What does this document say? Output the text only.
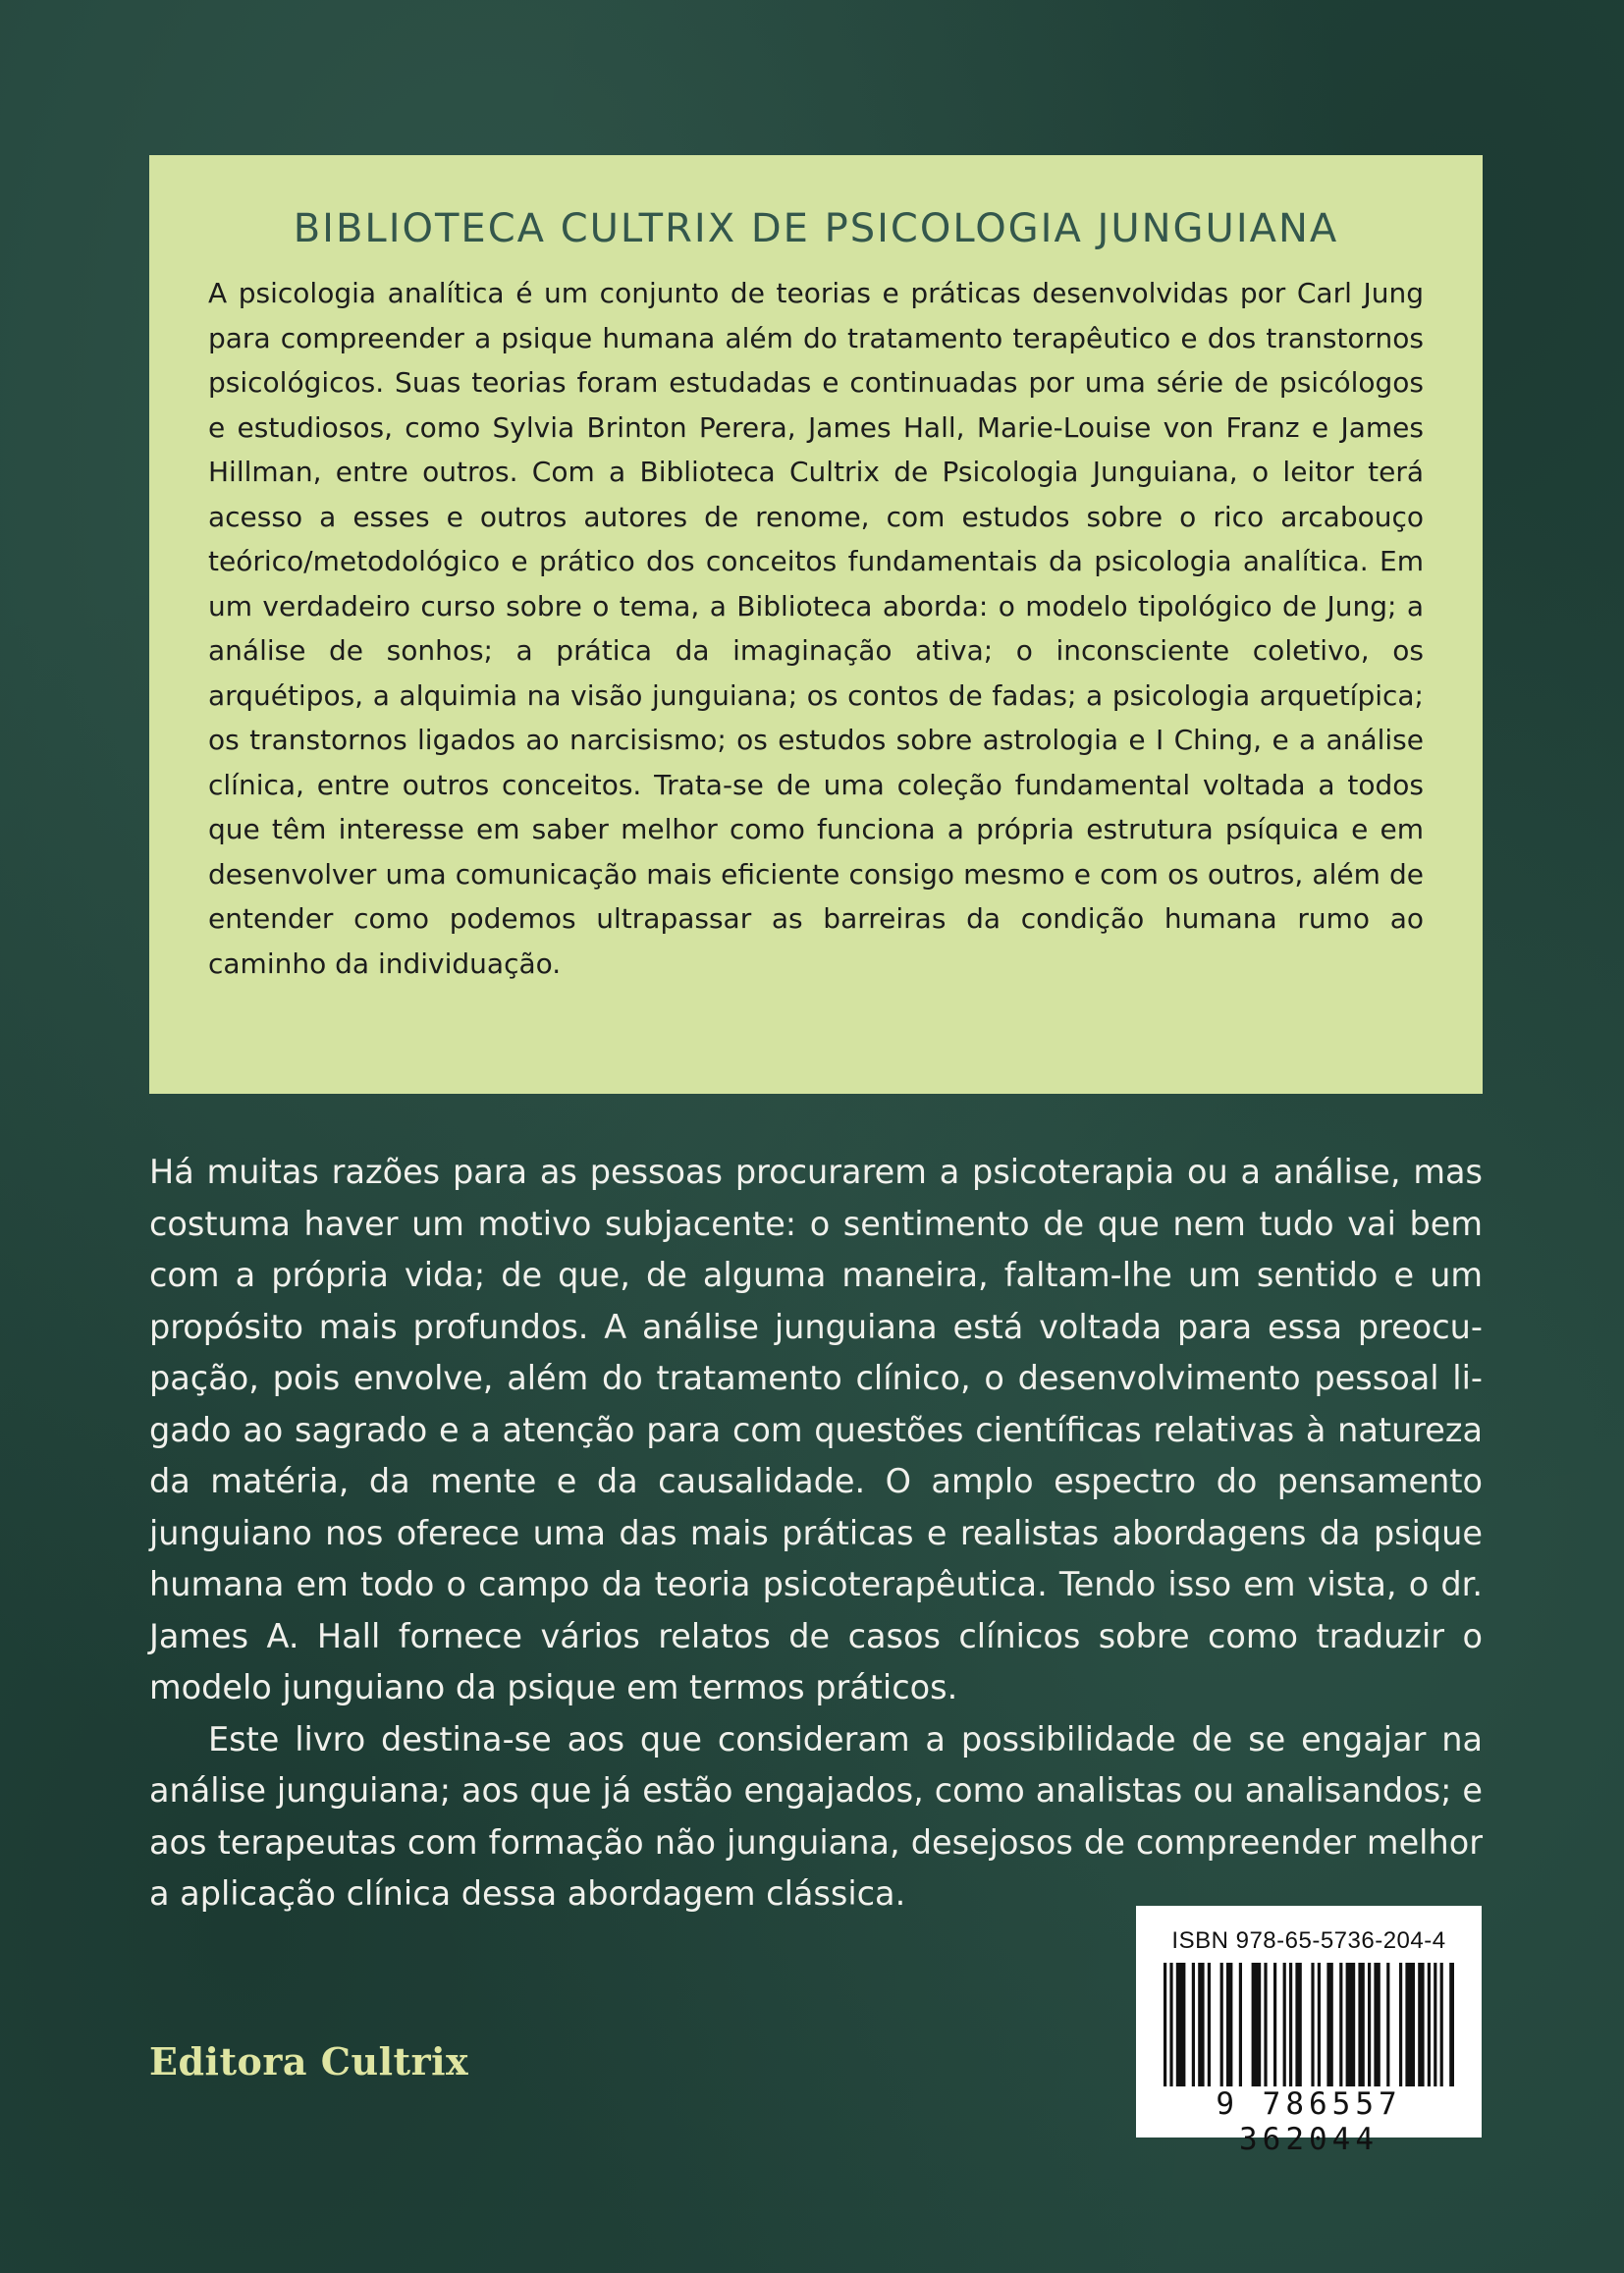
BIBLIOTECA CULTRIX DE PSICOLOGIA JUNGUIANA

A psicologia analítica é um conjunto de teorias e práticas desenvolvidas por Carl Jung para compreender a psique humana além do tratamento terapêutico e dos transtornos psicológicos. Suas teorias foram estudadas e continuadas por uma série de psicólogos e estudiosos, como Sylvia Brinton Perera, James Hall, Marie-Louise von Franz e James Hillman, entre outros. Com a Biblioteca Cultrix de Psicologia Junguiana, o leitor terá acesso a esses e outros autores de renome, com estudos sobre o rico arcabouço teórico/metodológico e prático dos conceitos fundamentais da psicologia analítica. Em um verdadeiro curso sobre o tema, a Biblioteca aborda: o modelo tipológico de Jung; a análise de sonhos; a prática da imaginação ativa; o inconsciente coletivo, os arquétipos, a alquimia na visão junguiana; os contos de fadas; a psicologia arquetípica; os transtornos ligados ao narcisismo; os estudos sobre astrologia e I Ching, e a análise clínica, entre outros conceitos. Trata-se de uma coleção fundamental voltada a todos que têm interesse em saber melhor como funciona a própria estrutura psíquica e em desenvolver uma comunicação mais eficiente consigo mesmo e com os outros, além de entender como podemos ultrapassar as barreiras da condição humana rumo ao caminho da individuação.

Há muitas razões para as pessoas procurarem a psicoterapia ou a análise, mas costuma haver um motivo subjacente: o sentimento de que nem tudo vai bem com a própria vida; de que, de alguma maneira, faltam-lhe um sentido e um propósito mais profundos. A análise junguiana está voltada para essa preocupação, pois envolve, além do tratamento clínico, o desenvolvimento pessoal ligado ao sagrado e a atenção para com questões científicas relativas à natureza da matéria, da mente e da causalidade. O amplo espectro do pensamento junguiano nos oferece uma das mais práticas e realistas abordagens da psique humana em todo o campo da teoria psicoterapêutica. Tendo isso em vista, o dr. James A. Hall fornece vários relatos de casos clínicos sobre como traduzir o modelo junguiano da psique em termos práticos.

Este livro destina-se aos que consideram a possibilidade de se engajar na análise junguiana; aos que já estão engajados, como analistas ou analisandos; e aos terapeutas com formação não junguiana, desejosos de compreender melhor a aplicação clínica dessa abordagem clássica.

Editora Cultrix
ISBN 978-65-5736-204-4
9 786557 362044
